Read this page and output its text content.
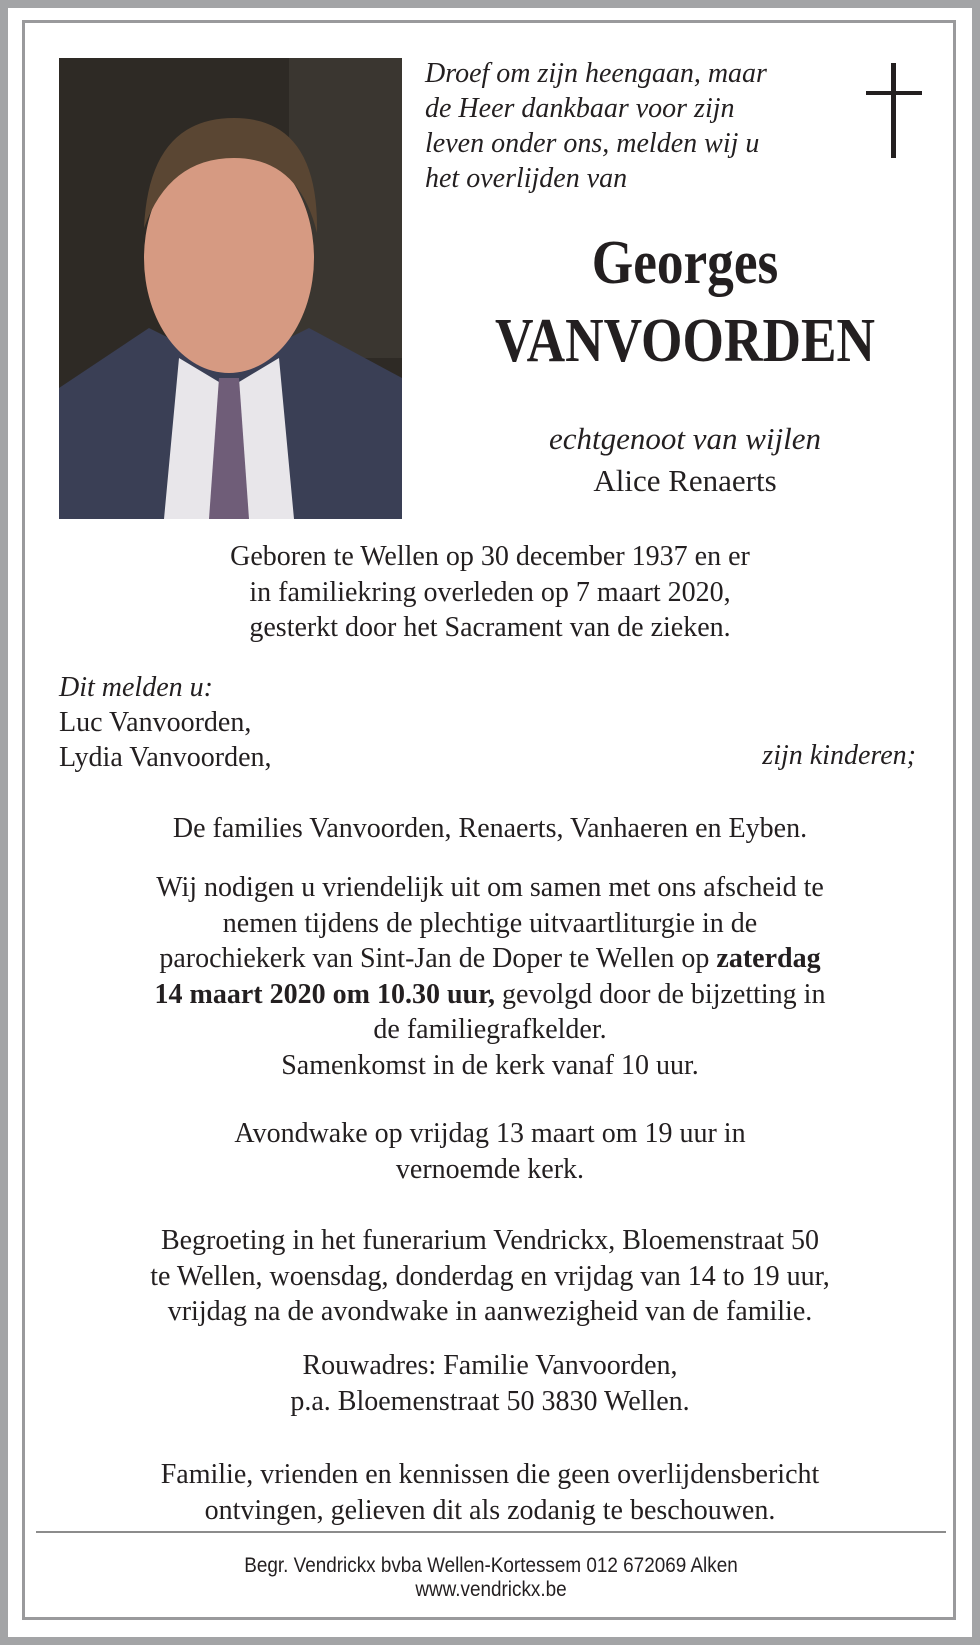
Droef om zijn heengaan, maar
de Heer dankbaar voor zijn
leven onder ons, melden wij u
het overlijden van
Georges
VANVOORDEN
echtgenoot van wijlen
Alice Renaerts
Geboren te Wellen op 30 december 1937 en er
in familiekring overleden op 7 maart 2020,
gesterkt door het Sacrament van de zieken.
Dit melden u:
Luc Vanvoorden,
Lydia Vanvoorden,	zijn kinderen;
De families Vanvoorden, Renaerts, Vanhaeren en Eyben.
Wij nodigen u vriendelijk uit om samen met ons afscheid te
nemen tijdens de plechtige uitvaartliturgie in de
parochiekerk van Sint-Jan de Doper te Wellen op zaterdag
14 maart 2020 om 10.30 uur, gevolgd door de bijzetting in
de familiegrafkelder.
Samenkomst in de kerk vanaf 10 uur.
Avondwake op vrijdag 13 maart om 19 uur in
vernoemde kerk.
Begroeting in het funerarium Vendrickx, Bloemenstraat 50
te Wellen, woensdag, donderdag en vrijdag van 14 to 19 uur,
vrijdag na de avondwake in aanwezigheid van de familie.
Rouwadres: Familie Vanvoorden,
p.a. Bloemenstraat 50 3830 Wellen.
Familie, vrienden en kennissen die geen overlijdensbericht
ontvingen, gelieven dit als zodanig te beschouwen.
Begr. Vendrickx bvba Wellen-Kortessem 012 672069 Alken
www.vendrickx.be
